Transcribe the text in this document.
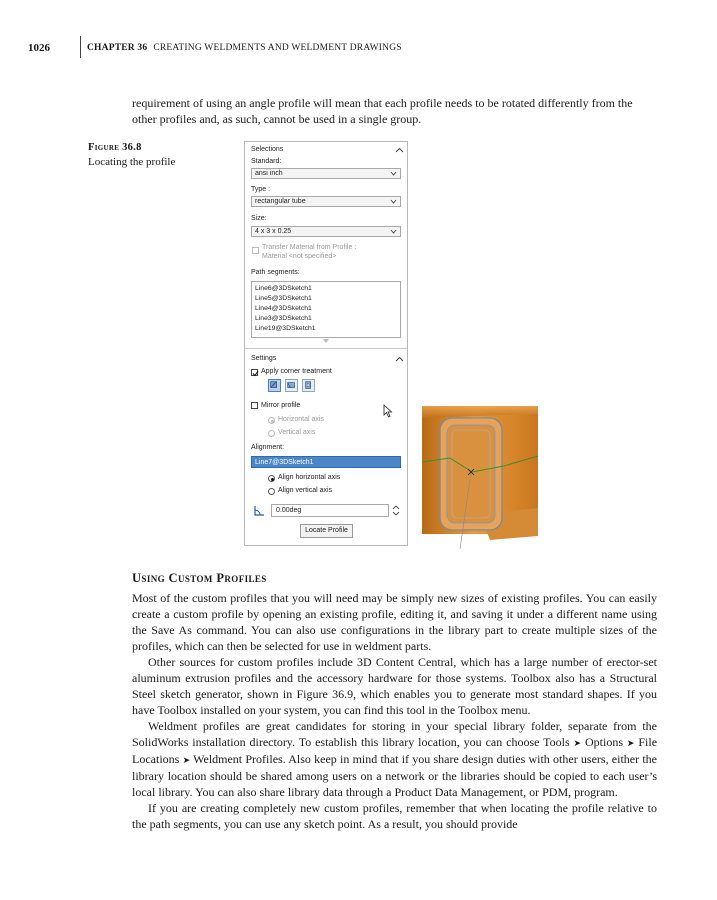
1026	CHAPTER 36 CREATING WELDMENTS AND WELDMENT DRAWINGS
requirement of using an angle profile will mean that each profile needs to be rotated differently from the other profiles and, as such, cannot be used in a single group.
Figure 36.8
Locating the profile
Selections
Standard:
ansi inch
Type :
rectangular tube
Size:
4 x 3 x 0.25
Transfer Material from Profile :
Material <not specified>
Path segments:
Line6@3DSketch1
Line5@3DSketch1
Line4@3DSketch1
Line3@3DSketch1
Line19@3DSketch1
Settings
Apply corner treatment
Mirror profile
Horizontal axis
Vertical axis
Alignment:
Line7@3DSketch1
Align horizontal axis
Align vertical axis
0.00deg
Locate Profile
Using Custom Profiles

Most of the custom profiles that you will need may be simply new sizes of existing profiles. You can easily create a custom profile by opening an existing profile, editing it, and saving it under a different name using the Save As command. You can also use configurations in the library part to create multiple sizes of the profiles, which can then be selected for use in weldment parts.

Other sources for custom profiles include 3D Content Central, which has a large number of erector-set aluminum extrusion profiles and the accessory hardware for those systems. Toolbox also has a Structural Steel sketch generator, shown in Figure 36.9, which enables you to generate most standard shapes. If you have Toolbox installed on your system, you can find this tool in the Toolbox menu.

Weldment profiles are great candidates for storing in your special library folder, separate from the SolidWorks installation directory. To establish this library location, you can choose Tools ➤ Options ➤ File Locations ➤ Weldment Profiles. Also keep in mind that if you share design duties with other users, either the library location should be shared among users on a network or the libraries should be copied to each user’s local library. You can also share library data through a Product Data Management, or PDM, program.

If you are creating completely new custom profiles, remember that when locating the profile relative to the path segments, you can use any sketch point. As a result, you should provide
